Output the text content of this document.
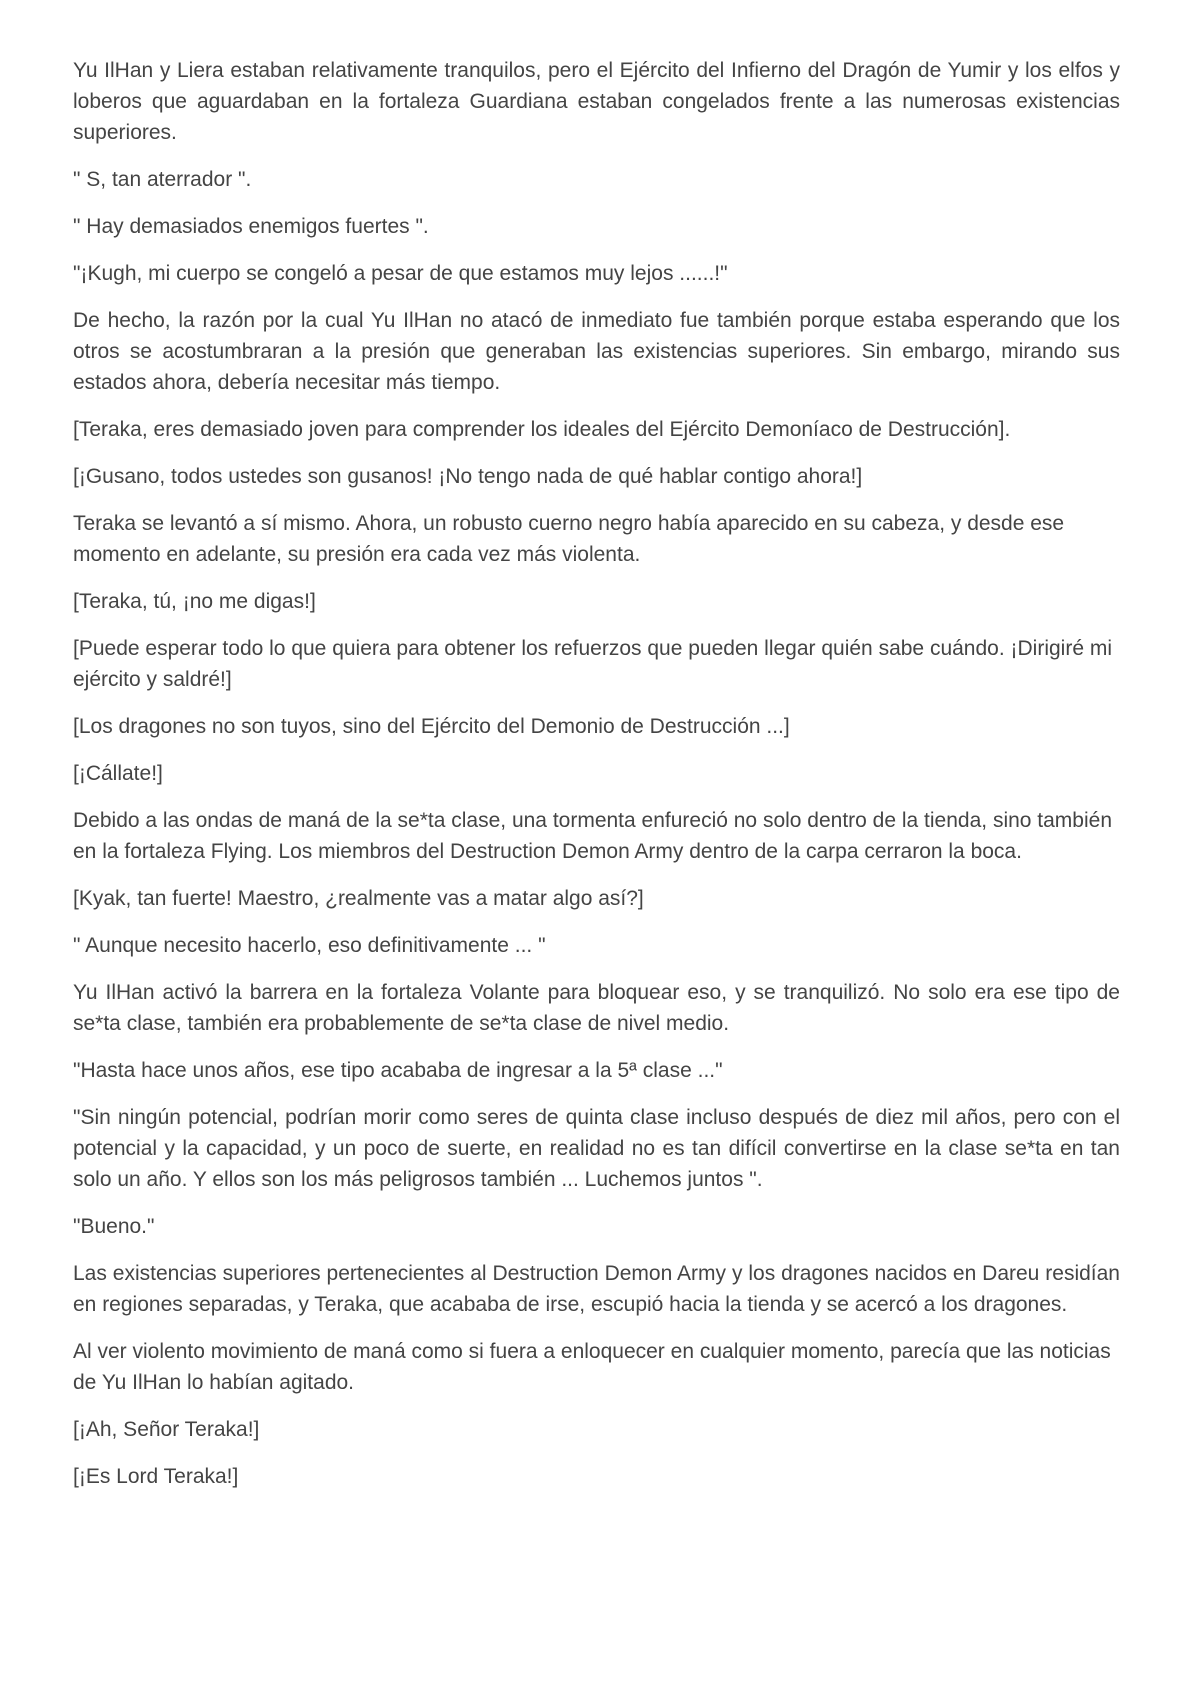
Yu IlHan y Liera estaban relativamente tranquilos, pero el Ejército del Infierno del Dragón de Yumir y los elfos y loberos que aguardaban en la fortaleza Guardiana estaban congelados frente a las numerosas existencias superiores.

" S, tan aterrador ".

" Hay demasiados enemigos fuertes ".

"¡Kugh, mi cuerpo se congeló a pesar de que estamos muy lejos ......!"

De hecho, la razón por la cual Yu IlHan no atacó de inmediato fue también porque estaba esperando que los otros se acostumbraran a la presión que generaban las existencias superiores. Sin embargo, mirando sus estados ahora, debería necesitar más tiempo.

[Teraka, eres demasiado joven para comprender los ideales del Ejército Demoníaco de Destrucción].

[¡Gusano, todos ustedes son gusanos! ¡No tengo nada de qué hablar contigo ahora!]

Teraka se levantó a sí mismo. Ahora, un robusto cuerno negro había aparecido en su cabeza, y desde ese momento en adelante, su presión era cada vez más violenta.

[Teraka, tú, ¡no me digas!]

[Puede esperar todo lo que quiera para obtener los refuerzos que pueden llegar quién sabe cuándo. ¡Dirigiré mi ejército y saldré!]

[Los dragones no son tuyos, sino del Ejército del Demonio de Destrucción ...]

[¡Cállate!]

Debido a las ondas de maná de la se*ta clase, una tormenta enfureció no solo dentro de la tienda, sino también en la fortaleza Flying. Los miembros del Destruction Demon Army dentro de la carpa cerraron la boca.

[Kyak, tan fuerte! Maestro, ¿realmente vas a matar algo así?]

" Aunque necesito hacerlo, eso definitivamente ... "

Yu IlHan activó la barrera en la fortaleza Volante para bloquear eso, y se tranquilizó. No solo era ese tipo de se*ta clase, también era probablemente de se*ta clase de nivel medio.

"Hasta hace unos años, ese tipo acababa de ingresar a la 5ª clase ..."

"Sin ningún potencial, podrían morir como seres de quinta clase incluso después de diez mil años, pero con el potencial y la capacidad, y un poco de suerte, en realidad no es tan difícil convertirse en la clase se*ta en tan solo un año. Y ellos son los más peligrosos también ... Luchemos juntos ".

"Bueno."

Las existencias superiores pertenecientes al Destruction Demon Army y los dragones nacidos en Dareu residían en regiones separadas, y Teraka, que acababa de irse, escupió hacia la tienda y se acercó a los dragones.

Al ver violento movimiento de maná como si fuera a enloquecer en cualquier momento, parecía que las noticias de Yu IlHan lo habían agitado.

[¡Ah, Señor Teraka!]

[¡Es Lord Teraka!]
